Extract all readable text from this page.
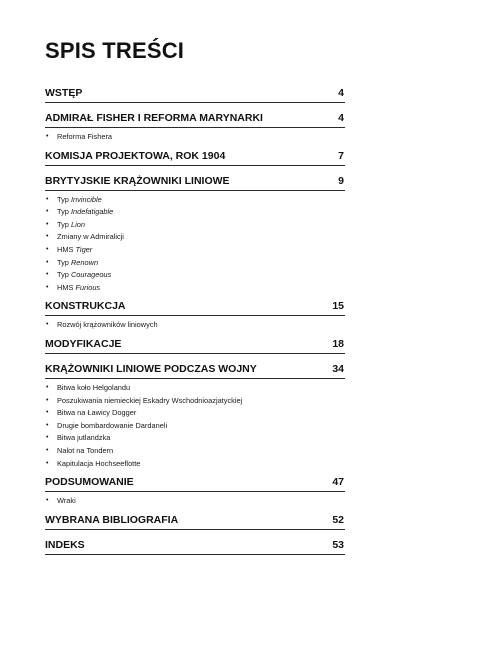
SPIS TREŚCI
WSTĘP	4
ADMIRAŁ FISHER I REFORMA MARYNARKI	4
• Reforma Fishera
KOMISJA PROJEKTOWA, ROK 1904	7
BRYTYJSKIE KRĄŻOWNIKI LINIOWE	9
• Typ Invincible
• Typ Indefatigable
• Typ Lion
• Zmiany w Admiralicji
• HMS Tiger
• Typ Renown
• Typ Courageous
• HMS Furious
KONSTRUKCJA	15
• Rozwój krążowników liniowych
MODYFIKACJE	18
KRĄŻOWNIKI LINIOWE PODCZAS WOJNY	34
• Bitwa koło Helgolandu
• Poszukiwania niemieckiej Eskadry Wschodnioazjatyckiej
• Bitwa na Ławicy Dogger
• Drugie bombardowanie Dardaneli
• Bitwa jutlandzka
• Nalot na Tondern
• Kapitulacja Hochseeflotte
PODSUMOWANIE	47
• Wraki
WYBRANA BIBLIOGRAFIA	52
INDEKS	53
